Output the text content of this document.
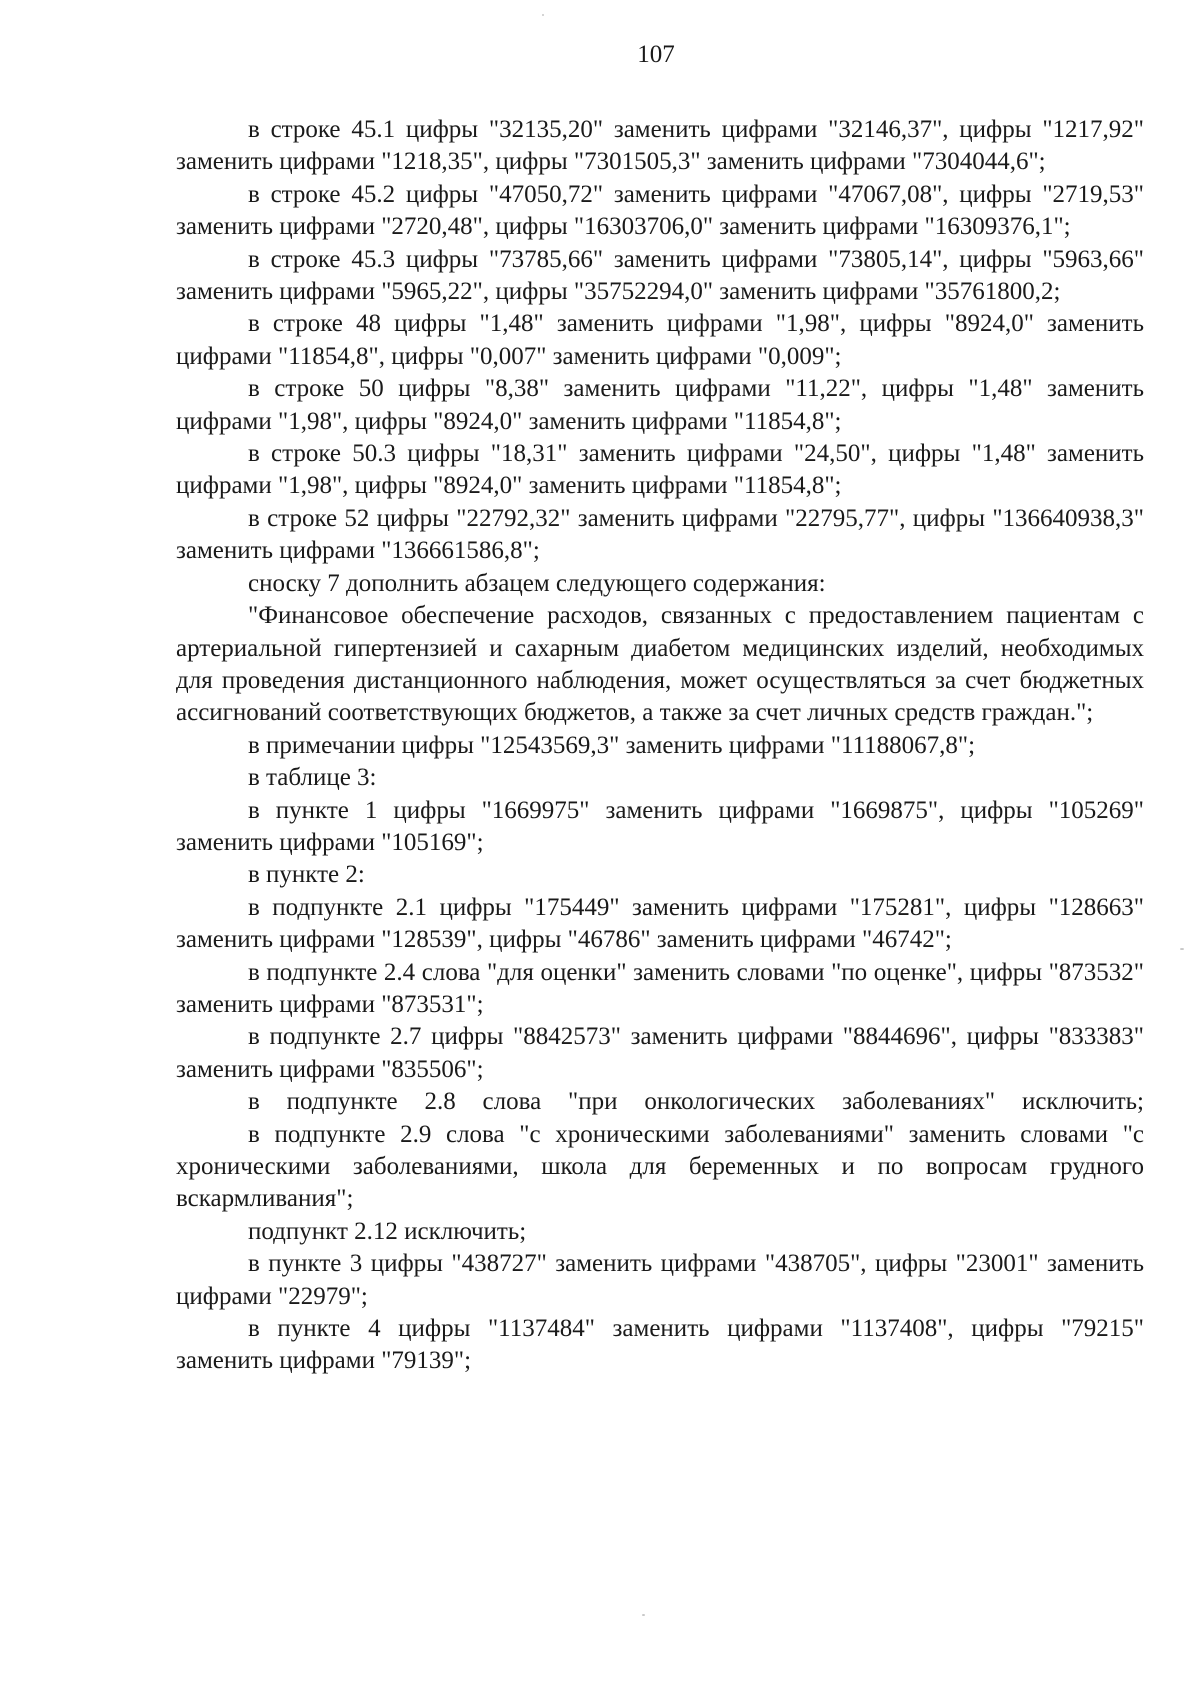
107

в строке 45.1 цифры "32135,20" заменить цифрами "32146,37", цифры "1217,92" заменить цифрами "1218,35", цифры "7301505,3" заменить цифрами "7304044,6";

в строке 45.2 цифры "47050,72" заменить цифрами "47067,08", цифры "2719,53" заменить цифрами "2720,48", цифры "16303706,0" заменить цифрами "16309376,1";

в строке 45.3 цифры "73785,66" заменить цифрами "73805,14", цифры "5963,66" заменить цифрами "5965,22", цифры "35752294,0" заменить цифрами "35761800,2;

в строке 48 цифры "1,48" заменить цифрами "1,98", цифры "8924,0" заменить цифрами "11854,8", цифры "0,007" заменить цифрами "0,009";

в строке 50 цифры "8,38" заменить цифрами "11,22", цифры "1,48" заменить цифрами "1,98", цифры "8924,0" заменить цифрами "11854,8";

в строке 50.3 цифры "18,31" заменить цифрами "24,50", цифры "1,48" заменить цифрами "1,98", цифры "8924,0" заменить цифрами "11854,8";

в строке 52 цифры "22792,32" заменить цифрами "22795,77", цифры "136640938,3" заменить цифрами "136661586,8";

сноску 7 дополнить абзацем следующего содержания:

"Финансовое обеспечение расходов, связанных с предоставлением пациентам с артериальной гипертензией и сахарным диабетом медицинских изделий, необходимых для проведения дистанционного наблюдения, может осуществляться за счет бюджетных ассигнований соответствующих бюджетов, а также за счет личных средств граждан.";

в примечании цифры "12543569,3" заменить цифрами "11188067,8";

в таблице 3:

в пункте 1 цифры "1669975" заменить цифрами "1669875", цифры "105269" заменить цифрами "105169";

в пункте 2:

в подпункте 2.1 цифры "175449" заменить цифрами "175281", цифры "128663" заменить цифрами "128539", цифры "46786" заменить цифрами "46742";

в подпункте 2.4 слова "для оценки" заменить словами "по оценке", цифры "873532" заменить цифрами "873531";

в подпункте 2.7 цифры "8842573" заменить цифрами "8844696", цифры "833383" заменить цифрами "835506";

в подпункте 2.8 слова "при онкологических заболеваниях" исключить;

в подпункте 2.9 слова "с хроническими заболеваниями" заменить словами "с хроническими заболеваниями, школа для беременных и по вопросам грудного вскармливания";

подпункт 2.12 исключить;

в пункте 3 цифры "438727" заменить цифрами "438705", цифры "23001" заменить цифрами "22979";

в пункте 4 цифры "1137484" заменить цифрами "1137408", цифры "79215" заменить цифрами "79139";
